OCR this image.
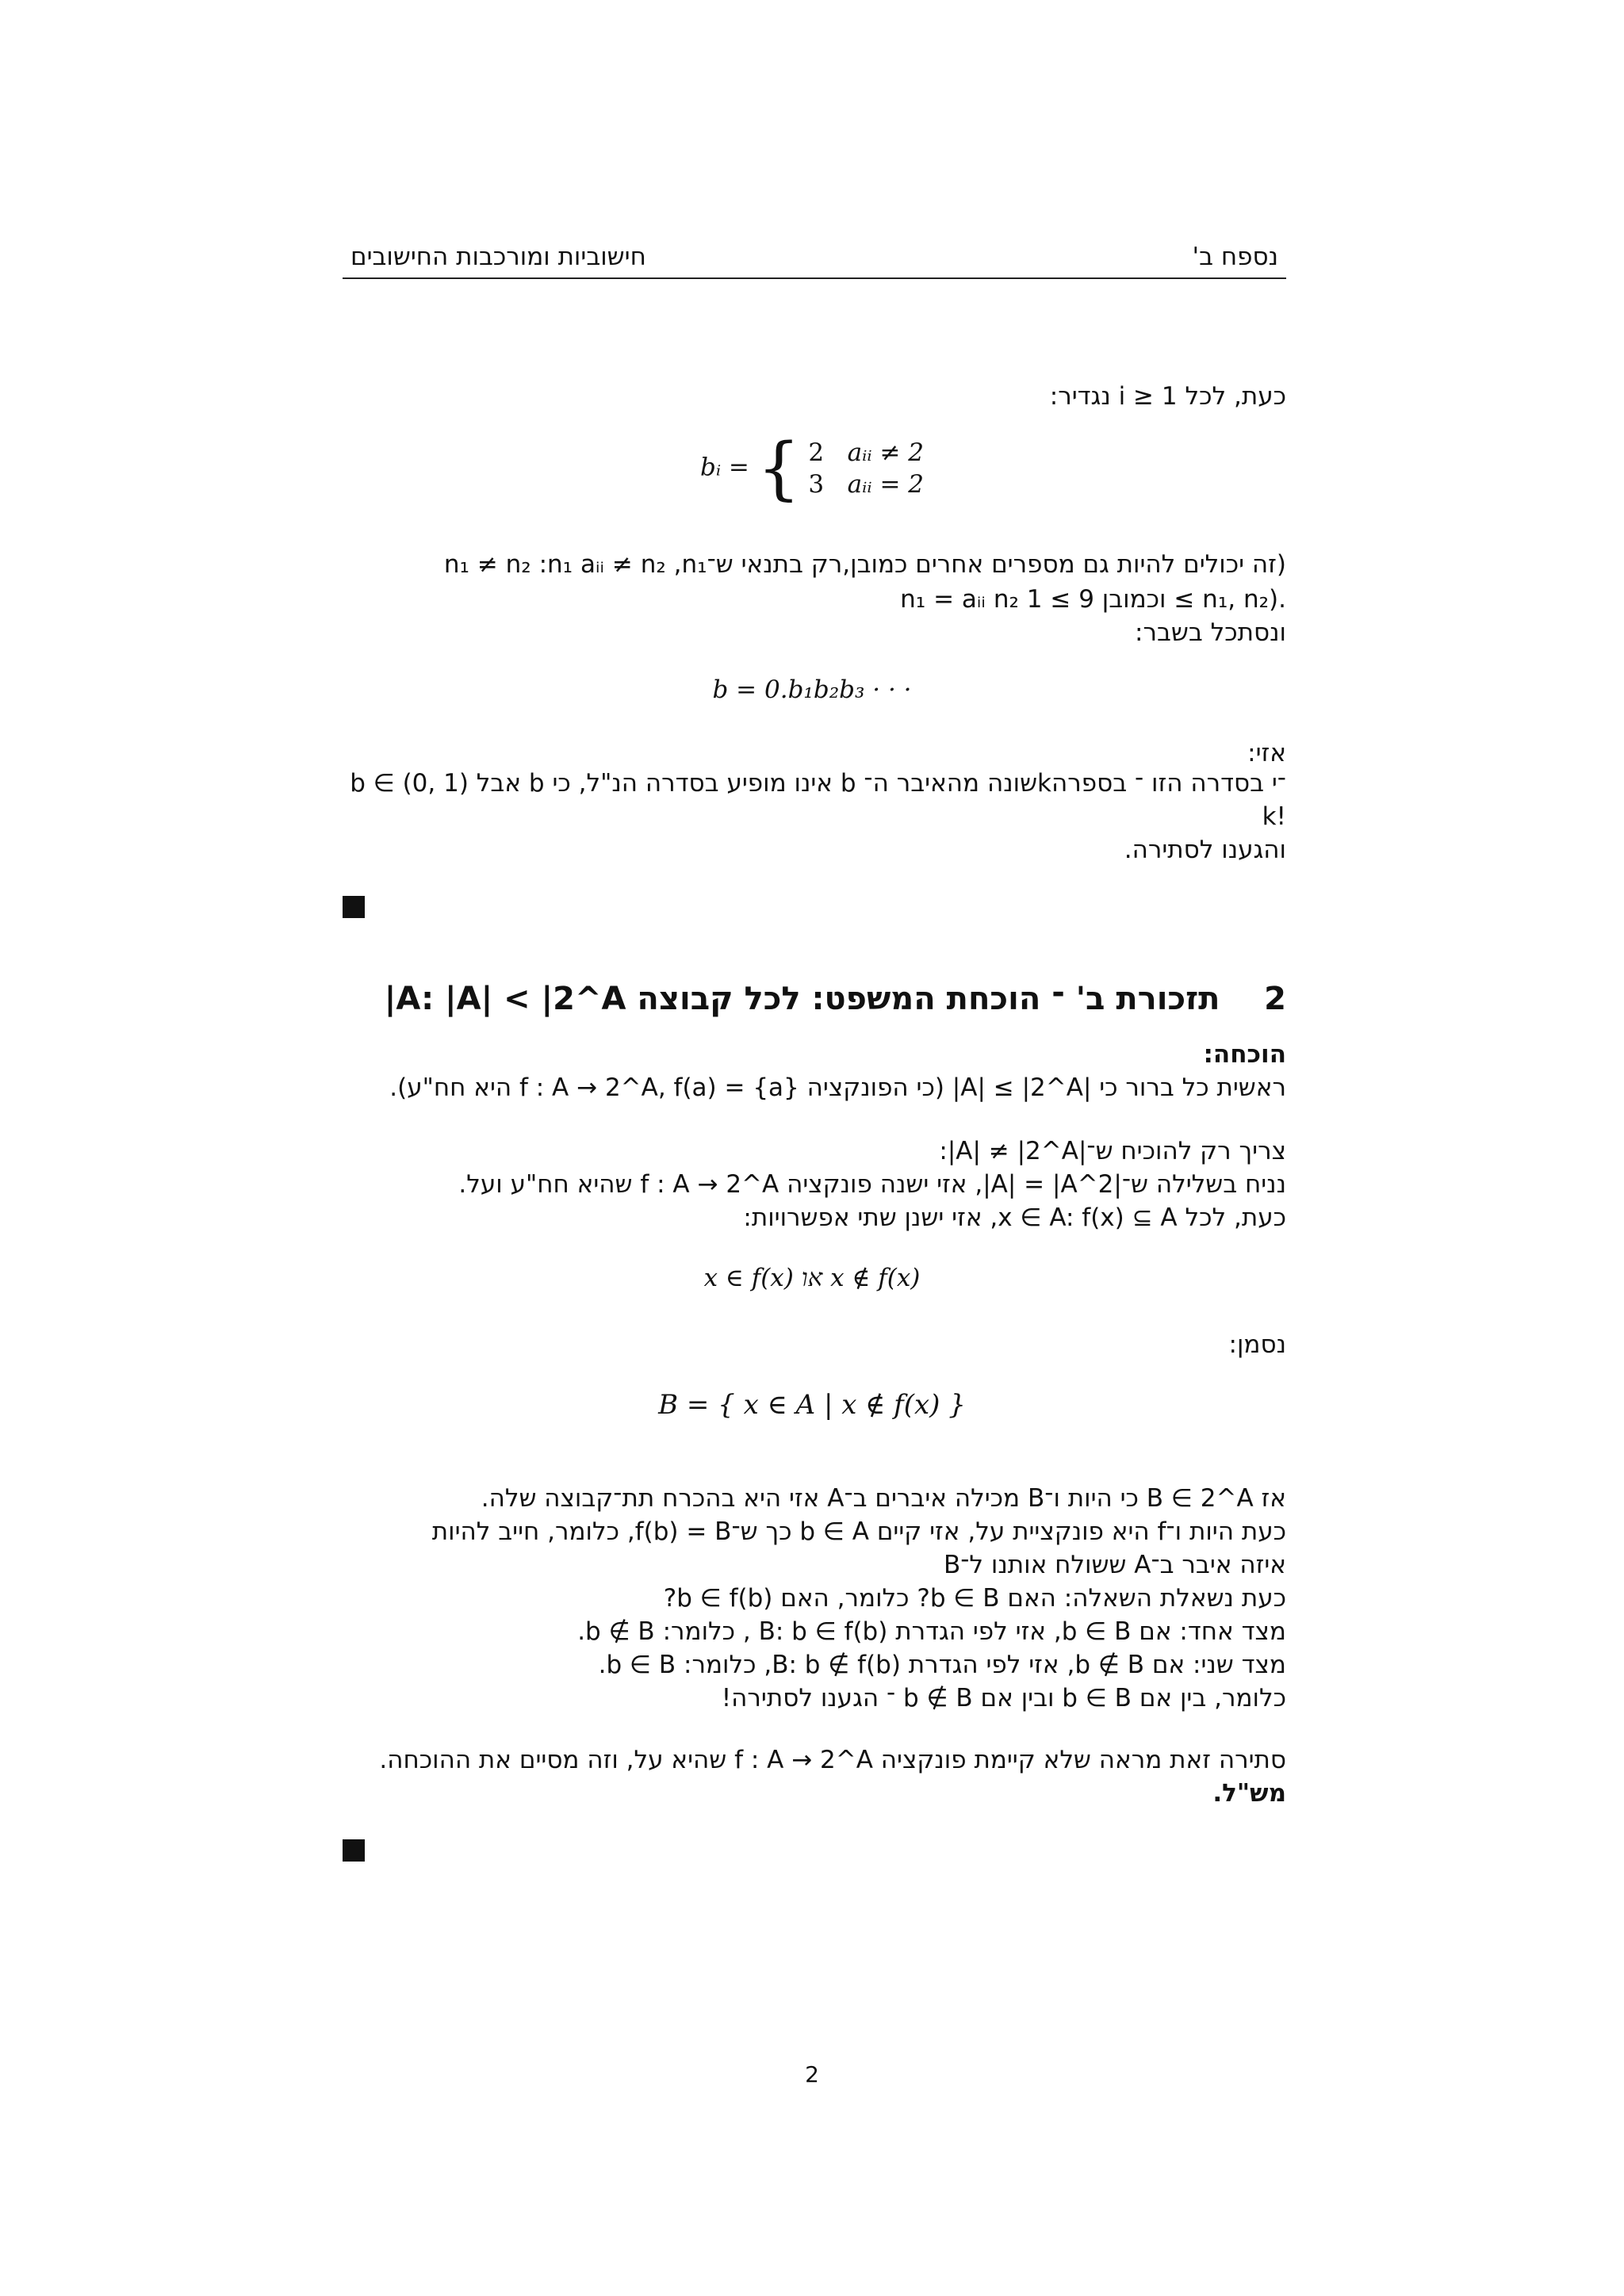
חישוביות ומורכבות החישובים	נספח ב'
כעת, לכל i ≥ 1 נגדיר:
bᵢ = { 2 aᵢᵢ ≠ 2
3 aᵢᵢ = 2
(זה יכולים להיות גם מספרים אחרים כמובן,רק בתנאי ש־n₁ ≠ n₂ :n₁ aᵢᵢ ≠ n₂ ,n₁
n₁ = aᵢᵢ n₂ וכמובן 9 ≥ 1 ≤ n₁, n₂).
ונסתכל בשבר:
b = 0.b₁b₂b₃ · · ·
אזי:
b ∈ (0, 1) אבל b אינו מופיע בסדרה הנ"ל, כי b שונה מהאיבר ה־k־י בסדרה הזו ־ בספרה
k!
והגענו לסתירה.
2    תזכורת ב' ־ הוכחת המשפט: לכל קבוצה A: |A| < |2^A|
הוכחה:
ראשית כל ברור כי |A| ≤ |2^A| (כי הפונקציה f : A → 2^A, f(a) = {a} היא חח"ע).
צריך רק להוכיח ש־|A| ≠ |2^A|:
נניח בשלילה ש־|2^A| = |A|, אזי ישנה פונקציה f : A → 2^A שהיא חח"ע ועל.
כעת, לכל x ∈ A: f(x) ⊆ A, אזי ישנן שתי אפשרויות:
x ∈ f(x) או x ∉ f(x)
נסמן:
B = { x ∈ A | x ∉ f(x) }
אז B ∈ 2^A כי היות ו־B מכילה איברים ב־A אזי היא בהכרח תת־קבוצה שלה.
כעת היות ו־f היא פונקציית על, אזי קיים b ∈ A כך ש־f(b) = B, כלומר, חייב להיות
איזה איבר ב־A ששולח אותנו ל־B
כעת נשאלת השאלה: האם b ∈ B? כלומר, האם b ∈ f(b)?
מצד אחד: אם b ∈ B, אזי לפי הגדרת B: b ∈ f(b) , כלומר: b ∉ B.
מצד שני: אם b ∉ B, אזי לפי הגדרת B: b ∉ f(b), כלומר: b ∈ B.
כלומר, בין אם b ∈ B ובין אם b ∉ B ־ הגענו לסתירה!
סתירה זאת מראה שלא קיימת פונקציה f : A → 2^A שהיא על, וזה מסיים את ההוכחה.
מש"ל.
2
